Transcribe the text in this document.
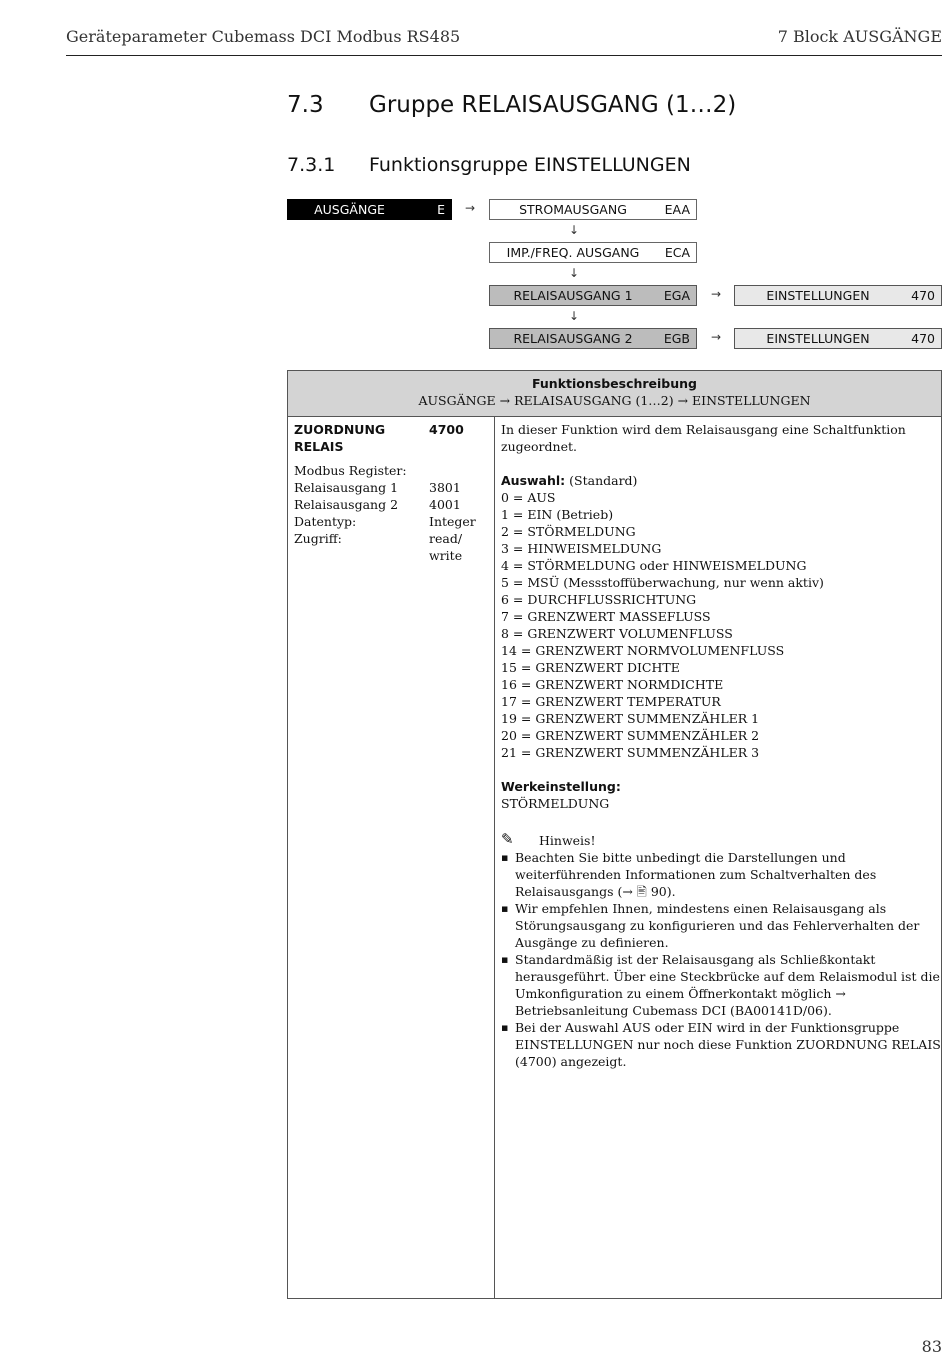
Geräteparameter Cubemass DCI Modbus RS485	7 Block AUSGÄNGE
7.3 Gruppe RELAISAUSGANG (1…2)
7.3.1 Funktionsgruppe EINSTELLUNGEN
AUSGÄNGE	E →	STROMAUSGANG	EAA
↓
IMP./FREQ. AUSGANG	ECA
↓
RELAISAUSGANG 1	EGA →	EINSTELLUNGEN	470
↓
RELAISAUSGANG 2	EGB →	EINSTELLUNGEN	470
Funktionsbeschreibung
AUSGÄNGE → RELAISAUSGANG (1…2) → EINSTELLUNGEN
ZUORDNUNG	4700
RELAIS
Modbus Register:
Relaisausgang 1 3801
Relaisausgang 2 4001
Datentyp:	Integer
Zugriff:	read/
write
In dieser Funktion wird dem Relaisausgang eine Schaltfunktion zugeordnet.
Auswahl: (Standard)
0 = AUS
1 = EIN (Betrieb)
2 = STÖRMELDUNG
3 = HINWEISMELDUNG
4 = STÖRMELDUNG oder HINWEISMELDUNG
5 = MSÜ (Messstoffüberwachung, nur wenn aktiv)
6 = DURCHFLUSSRICHTUNG
7 = GRENZWERT MASSEFLUSS
8 = GRENZWERT VOLUMENFLUSS
14 = GRENZWERT NORMVOLUMENFLUSS
15 = GRENZWERT DICHTE
16 = GRENZWERT NORMDICHTE
17 = GRENZWERT TEMPERATUR
19 = GRENZWERT SUMMENZÄHLER 1
20 = GRENZWERT SUMMENZÄHLER 2
21 = GRENZWERT SUMMENZÄHLER 3
Werkeinstellung:
STÖRMELDUNG
✎ Hinweis!
▪ Beachten Sie bitte unbedingt die Darstellungen und weiterführenden Informationen zum Schaltverhalten des Relaisausgangs (→ 🖹 90).
▪ Wir empfehlen Ihnen, mindestens einen Relaisausgang als Störungsausgang zu konfigurieren und das Fehlerverhalten der Ausgänge zu definieren.
▪ Standardmäßig ist der Relaisausgang als Schließkontakt herausgeführt. Über eine Steckbrücke auf dem Relaismodul ist die Umkonfiguration zu einem Öffnerkontakt möglich → Betriebsanleitung Cubemass DCI (BA00141D/06).
▪ Bei der Auswahl AUS oder EIN wird in der Funktionsgruppe EINSTELLUNGEN nur noch diese Funktion ZUORDNUNG RELAIS (4700) angezeigt.
83
